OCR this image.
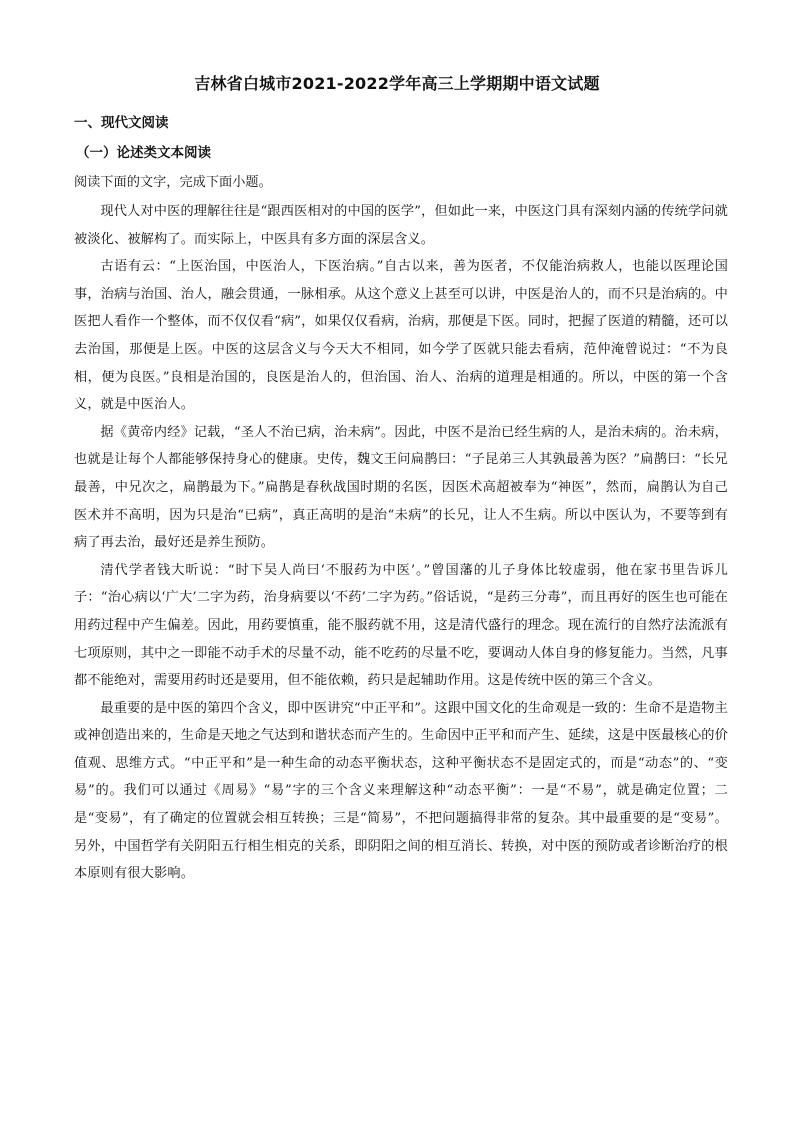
吉林省白城市2021-2022学年高三上学期期中语文试题

一、现代文阅读

（一）论述类文本阅读

阅读下面的文字，完成下面小题。

现代人对中医的理解往往是“跟西医相对的中国的医学”，但如此一来，中医这门具有深刻内涵的传统学问就被淡化、被解构了。而实际上，中医具有多方面的深层含义。

古语有云：“上医治国，中医治人，下医治病。”自古以来，善为医者，不仅能治病救人，也能以医理论国事，治病与治国、治人，融会贯通，一脉相承。从这个意义上甚至可以讲，中医是治人的，而不只是治病的。中医把人看作一个整体，而不仅仅看“病”，如果仅仅看病，治病，那便是下医。同时，把握了医道的精髓，还可以去治国，那便是上医。中医的这层含义与今天大不相同，如今学了医就只能去看病，范仲淹曾说过：“不为良相，便为良医。”良相是治国的，良医是治人的，但治国、治人、治病的道理是相通的。所以，中医的第一个含义，就是中医治人。

据《黄帝内经》记载，“圣人不治已病，治未病”。因此，中医不是治已经生病的人，是治未病的。治未病，也就是让每个人都能够保持身心的健康。史传，魏文王问扁鹊曰：“子昆弟三人其孰最善为医？”扁鹊曰：“长兄最善，中兄次之，扁鹊最为下。”扁鹊是春秋战国时期的名医，因医术高超被奉为“神医”，然而，扁鹊认为自己医术并不高明，因为只是治“已病”，真正高明的是治“未病”的长兄，让人不生病。所以中医认为，不要等到有病了再去治，最好还是养生预防。

清代学者钱大昕说：“时下吴人尚曰‘不服药为中医’。”曾国藩的儿子身体比较虚弱，他在家书里告诉儿子：“治心病以‘广大’二字为药，治身病要以‘不药’二字为药。”俗话说，“是药三分毒”，而且再好的医生也可能在用药过程中产生偏差。因此，用药要慎重，能不服药就不用，这是清代盛行的理念。现在流行的自然疗法流派有七项原则，其中之一即能不动手术的尽量不动，能不吃药的尽量不吃，要调动人体自身的修复能力。当然，凡事都不能绝对，需要用药时还是要用，但不能依赖，药只是起辅助作用。这是传统中医的第三个含义。

最重要的是中医的第四个含义，即中医讲究“中正平和”。这跟中国文化的生命观是一致的：生命不是造物主或神创造出来的，生命是天地之气达到和谐状态而产生的。生命因中正平和而产生、延续，这是中医最核心的价值观、思维方式。“中正平和”是一种生命的动态平衡状态，这种平衡状态不是固定式的，而是“动态”的、“变易”的。我们可以通过《周易》“易”字的三个含义来理解这种“动态平衡”：一是“不易”，就是确定位置；二是“变易”，有了确定的位置就会相互转换；三是“简易”，不把问题搞得非常的复杂。其中最重要的是“变易”。另外，中国哲学有关阴阳五行相生相克的关系，即阴阳之间的相互消长、转换，对中医的预防或者诊断治疗的根本原则有很大影响。
